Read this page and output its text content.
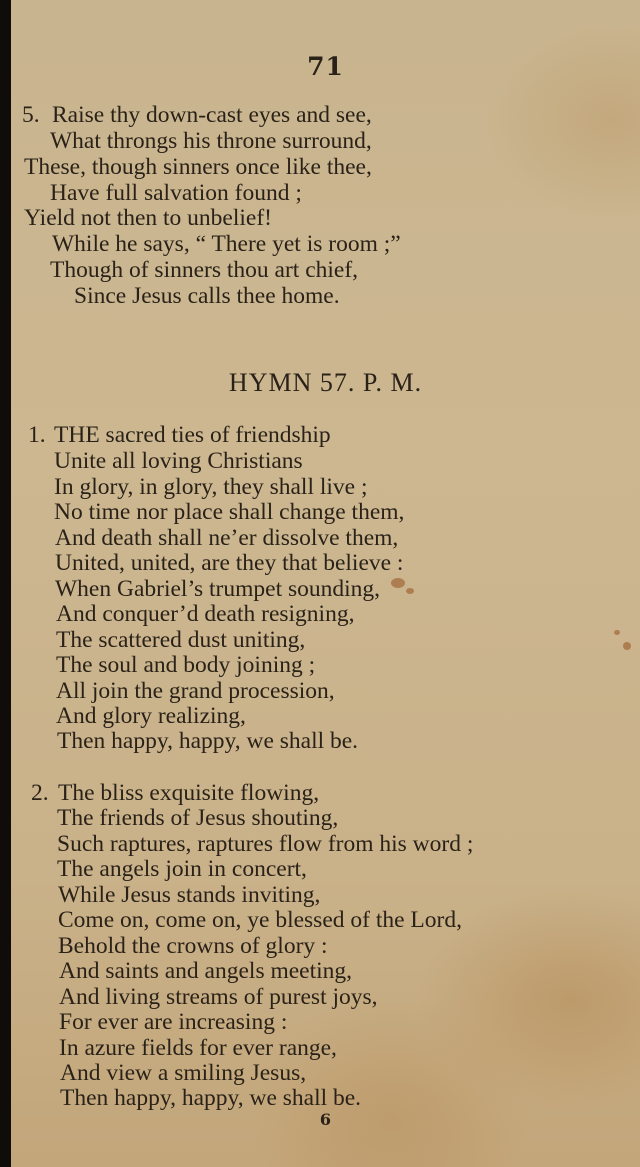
71
5. Raise thy down-cast eyes and see,
What throngs his throne surround,
These, though sinners once like thee,
Have full salvation found ;
Yield not then to unbelief!
While he says, “ There yet is room ;”
Though of sinners thou art chief,
Since Jesus calls thee home.
HYMN 57. P. M.
1. THE sacred ties of friendship
Unite all loving Christians
In glory, in glory, they shall live ;
No time nor place shall change them,
And death shall ne’er dissolve them,
United, united, are they that believe :
When Gabriel’s trumpet sounding,
And conquer’d death resigning,
The scattered dust uniting,
The soul and body joining ;
All join the grand procession,
And glory realizing,
Then happy, happy, we shall be.
2. The bliss exquisite flowing,
The friends of Jesus shouting,
Such raptures, raptures flow from his word ;
The angels join in concert,
While Jesus stands inviting,
Come on, come on, ye blessed of the Lord,
Behold the crowns of glory :
And saints and angels meeting,
And living streams of purest joys,
For ever are increasing :
In azure fields for ever range,
And view a smiling Jesus,
Then happy, happy, we shall be.
6
